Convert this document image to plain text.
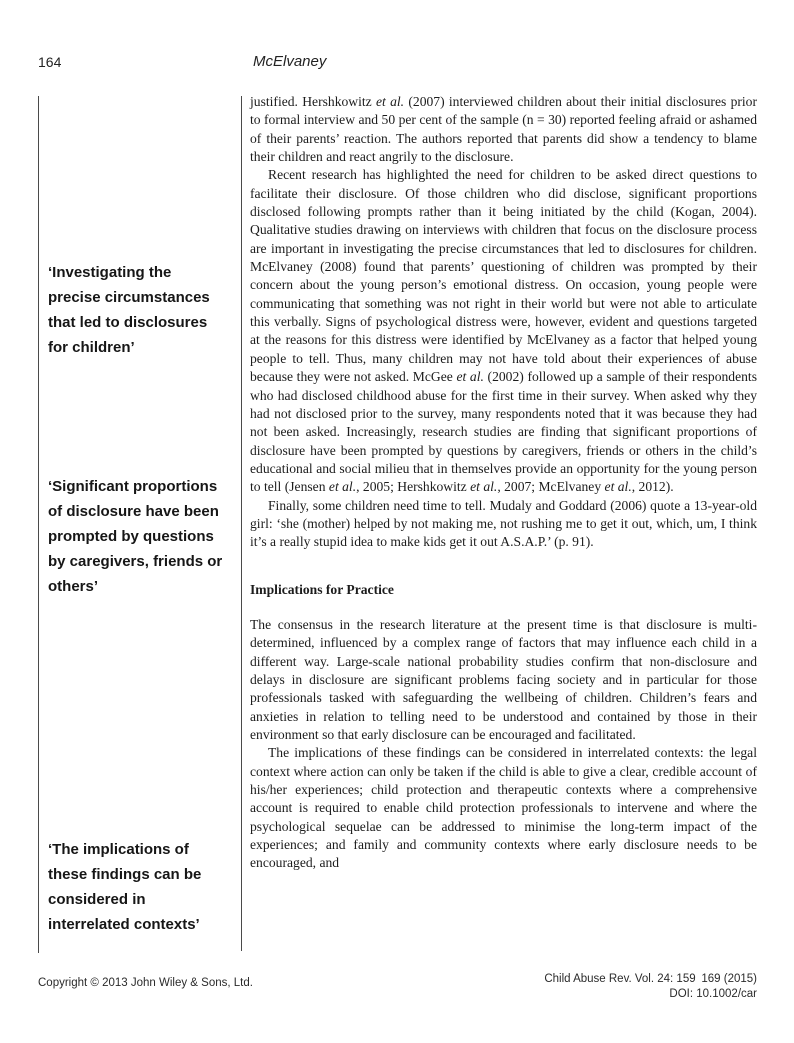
164	McElvaney
‘Investigating the precise circumstances that led to disclosures for children’
‘Significant proportions of disclosure have been prompted by questions by caregivers, friends or others’
‘The implications of these findings can be considered in interrelated contexts’

justified. Hershkowitz et al. (2007) interviewed children about their initial disclosures prior to formal interview and 50 per cent of the sample (n = 30) reported feeling afraid or ashamed of their parents’ reaction. The authors reported that parents did show a tendency to blame their children and react angrily to the disclosure.

Recent research has highlighted the need for children to be asked direct questions to facilitate their disclosure. Of those children who did disclose, significant proportions disclosed following prompts rather than it being initiated by the child (Kogan, 2004). Qualitative studies drawing on interviews with children that focus on the disclosure process are important in investigating the precise circumstances that led to disclosures for children. McElvaney (2008) found that parents’ questioning of children was prompted by their concern about the young person’s emotional distress. On occasion, young people were communicating that something was not right in their world but were not able to articulate this verbally. Signs of psychological distress were, however, evident and questions targeted at the reasons for this distress were identified by McElvaney as a factor that helped young people to tell. Thus, many children may not have told about their experiences of abuse because they were not asked. McGee et al. (2002) followed up a sample of their respondents who had disclosed childhood abuse for the first time in their survey. When asked why they had not disclosed prior to the survey, many respondents noted that it was because they had not been asked. Increasingly, research studies are finding that significant proportions of disclosure have been prompted by questions by caregivers, friends or others in the child’s educational and social milieu that in themselves provide an opportunity for the young person to tell (Jensen et al., 2005; Hershkowitz et al., 2007; McElvaney et al., 2012).

Finally, some children need time to tell. Mudaly and Goddard (2006) quote a 13-year-old girl: ‘she (mother) helped by not making me, not rushing me to get it out, which, um, I think it’s a really stupid idea to make kids get it out A.S.A.P.’ (p. 91).

Implications for Practice

The consensus in the research literature at the present time is that disclosure is multi-determined, influenced by a complex range of factors that may influence each child in a different way. Large-scale national probability studies confirm that non-disclosure and delays in disclosure are significant problems facing society and in particular for those professionals tasked with safeguarding the wellbeing of children. Children’s fears and anxieties in relation to telling need to be understood and contained by those in their environment so that early disclosure can be encouraged and facilitated.

The implications of these findings can be considered in interrelated contexts: the legal context where action can only be taken if the child is able to give a clear, credible account of his/her experiences; child protection and therapeutic contexts where a comprehensive account is required to enable child protection professionals to intervene and where the psychological sequelae can be addressed to minimise the long-term impact of the experiences; and family and community contexts where early disclosure needs to be encouraged, and

Copyright © 2013 John Wiley & Sons, Ltd.	Child Abuse Rev. Vol. 24: 159 169 (2015)
DOI: 10.1002/car
